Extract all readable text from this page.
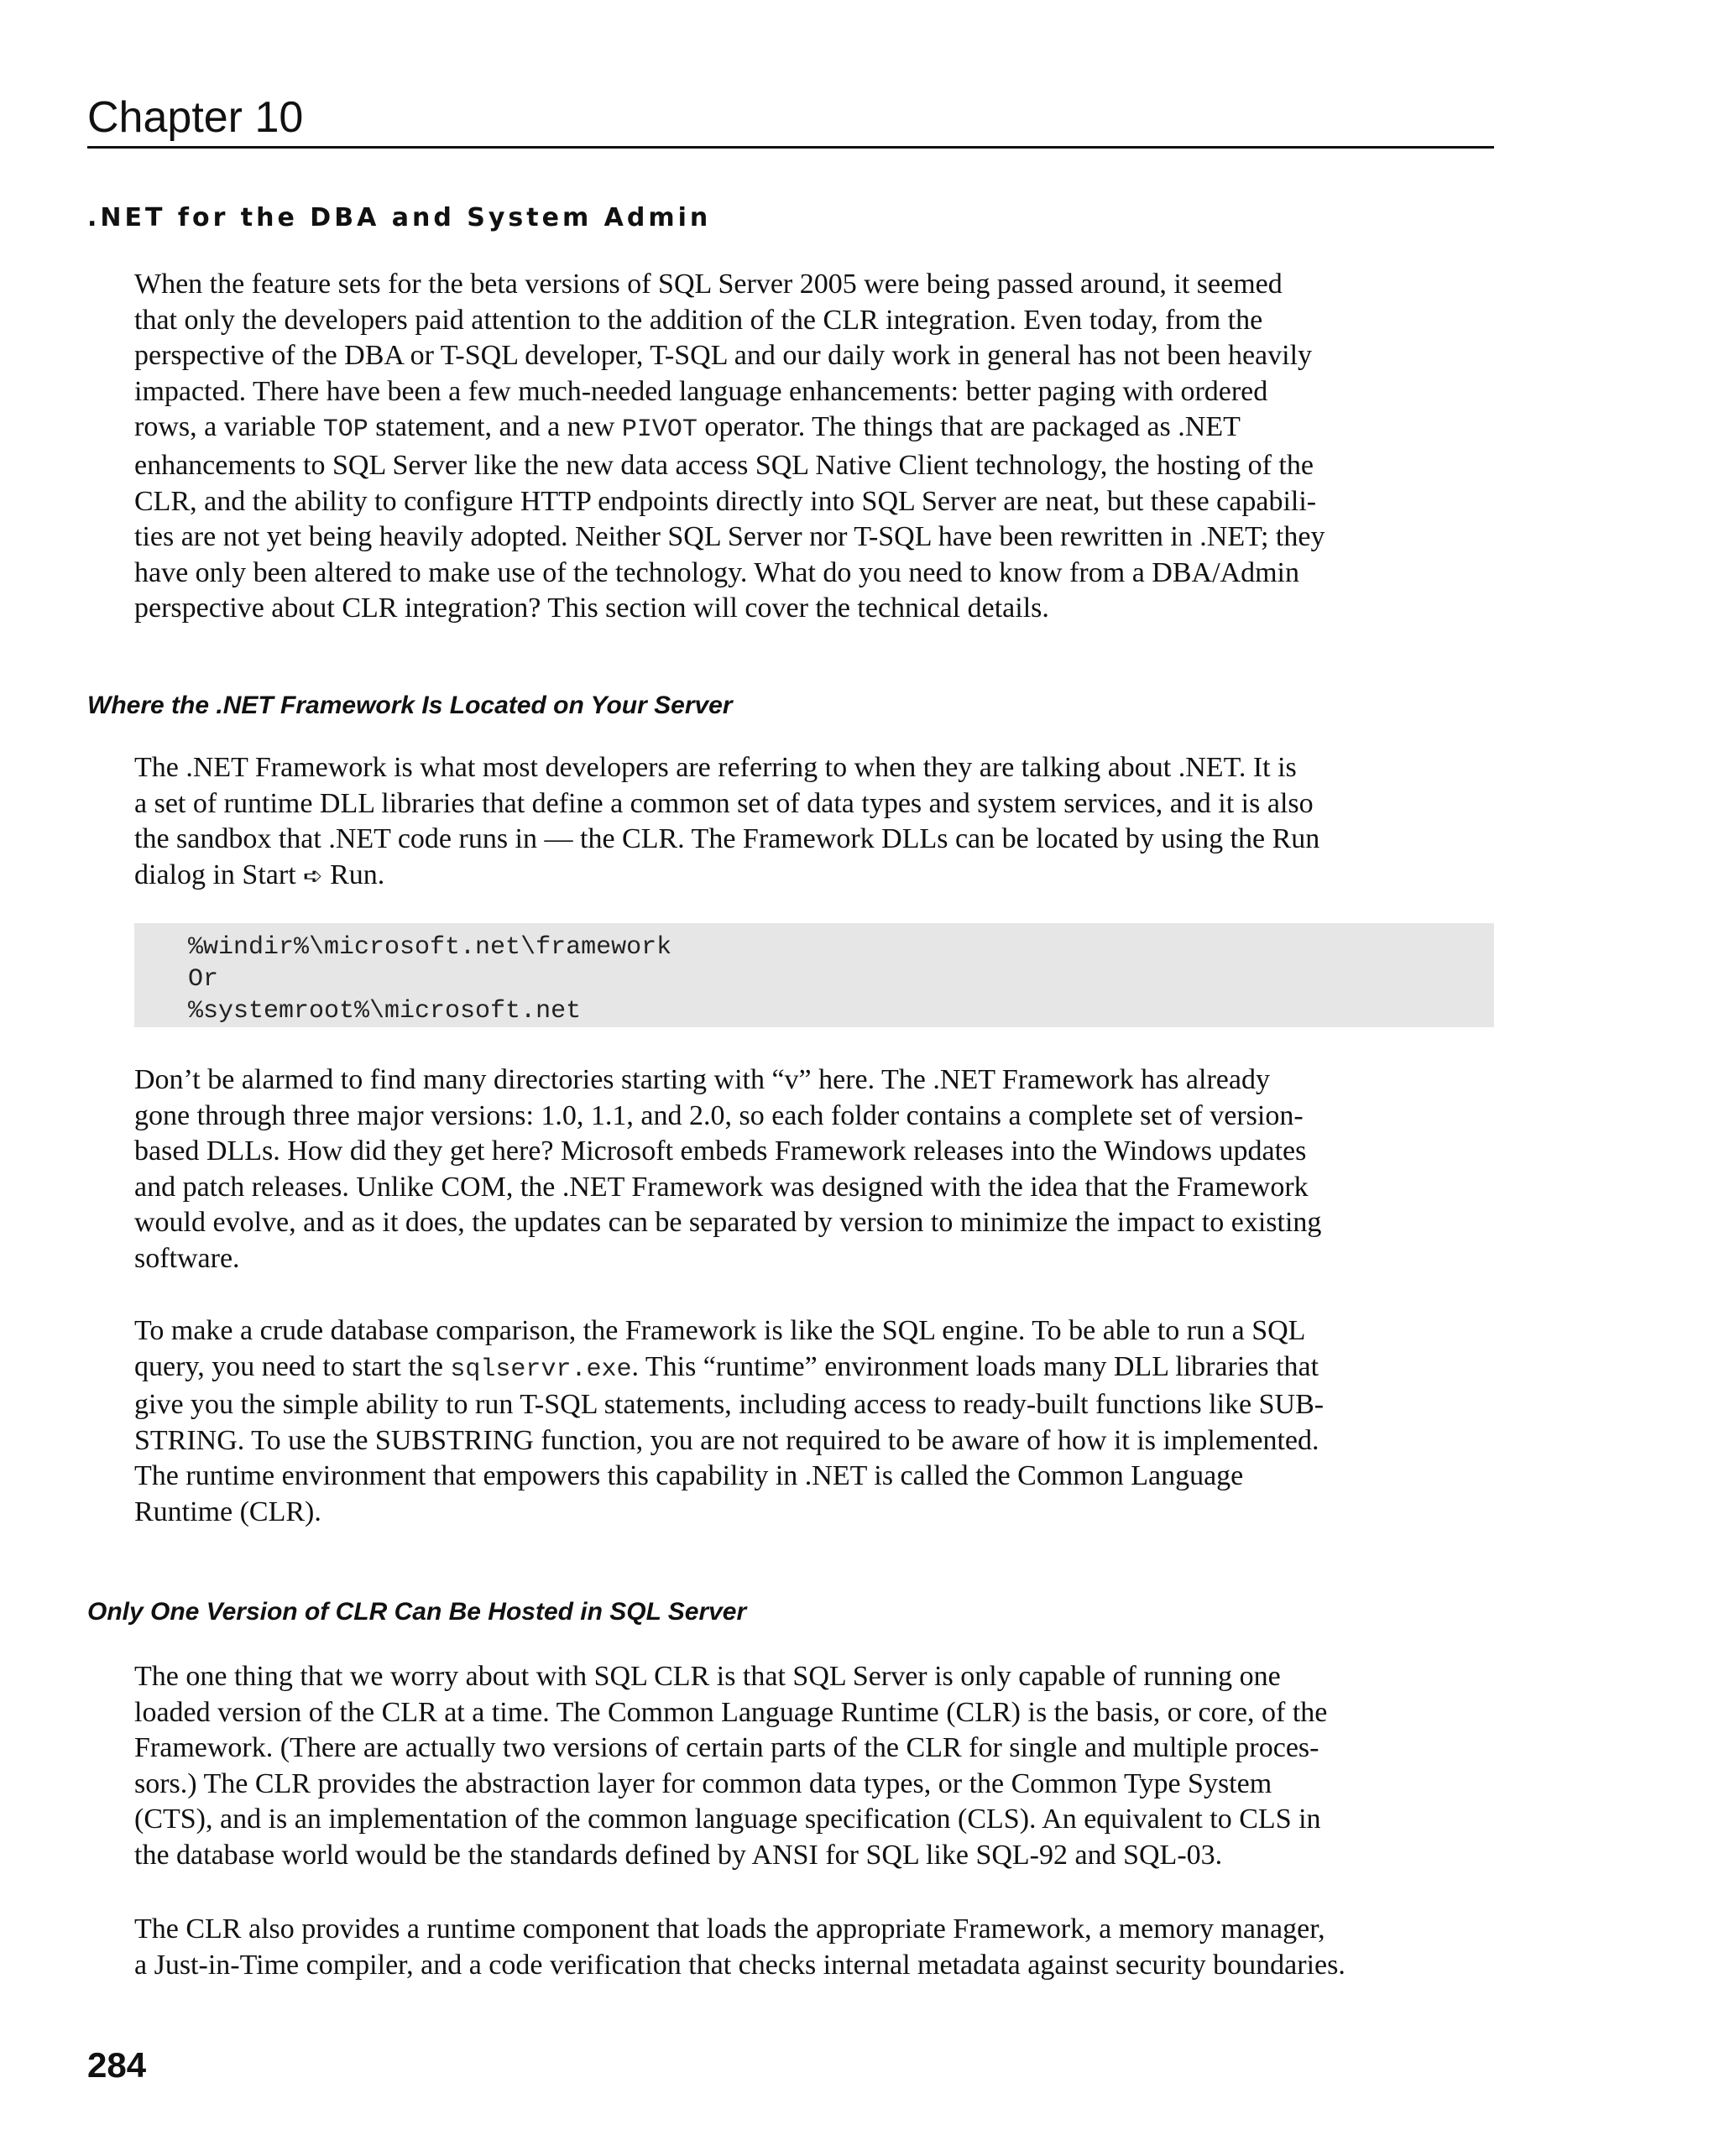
Chapter 10
.NET for the DBA and System Admin
When the feature sets for the beta versions of SQL Server 2005 were being passed around, it seemed
that only the developers paid attention to the addition of the CLR integration. Even today, from the
perspective of the DBA or T-SQL developer, T-SQL and our daily work in general has not been heavily
impacted. There have been a few much-needed language enhancements: better paging with ordered
rows, a variable TOP statement, and a new PIVOT operator. The things that are packaged as .NET
enhancements to SQL Server like the new data access SQL Native Client technology, the hosting of the
CLR, and the ability to configure HTTP endpoints directly into SQL Server are neat, but these capabili-
ties are not yet being heavily adopted. Neither SQL Server nor T-SQL have been rewritten in .NET; they
have only been altered to make use of the technology. What do you need to know from a DBA/Admin
perspective about CLR integration? This section will cover the technical details.
Where the .NET Framework Is Located on Your Server
The .NET Framework is what most developers are referring to when they are talking about .NET. It is
a set of runtime DLL libraries that define a common set of data types and system services, and it is also
the sandbox that .NET code runs in — the CLR. The Framework DLLs can be located by using the Run
dialog in Start ➪ Run.
%windir%\microsoft.net\framework
Or
%systemroot%\microsoft.net
Don’t be alarmed to find many directories starting with “v” here. The .NET Framework has already
gone through three major versions: 1.0, 1.1, and 2.0, so each folder contains a complete set of version-
based DLLs. How did they get here? Microsoft embeds Framework releases into the Windows updates
and patch releases. Unlike COM, the .NET Framework was designed with the idea that the Framework
would evolve, and as it does, the updates can be separated by version to minimize the impact to existing
software.
To make a crude database comparison, the Framework is like the SQL engine. To be able to run a SQL
query, you need to start the sqlservr.exe. This “runtime” environment loads many DLL libraries that
give you the simple ability to run T-SQL statements, including access to ready-built functions like SUB-
STRING. To use the SUBSTRING function, you are not required to be aware of how it is implemented.
The runtime environment that empowers this capability in .NET is called the Common Language
Runtime (CLR).
Only One Version of CLR Can Be Hosted in SQL Server
The one thing that we worry about with SQL CLR is that SQL Server is only capable of running one
loaded version of the CLR at a time. The Common Language Runtime (CLR) is the basis, or core, of the
Framework. (There are actually two versions of certain parts of the CLR for single and multiple proces-
sors.) The CLR provides the abstraction layer for common data types, or the Common Type System
(CTS), and is an implementation of the common language specification (CLS). An equivalent to CLS in
the database world would be the standards defined by ANSI for SQL like SQL-92 and SQL-03.
The CLR also provides a runtime component that loads the appropriate Framework, a memory manager,
a Just-in-Time compiler, and a code verification that checks internal metadata against security boundaries.
284
